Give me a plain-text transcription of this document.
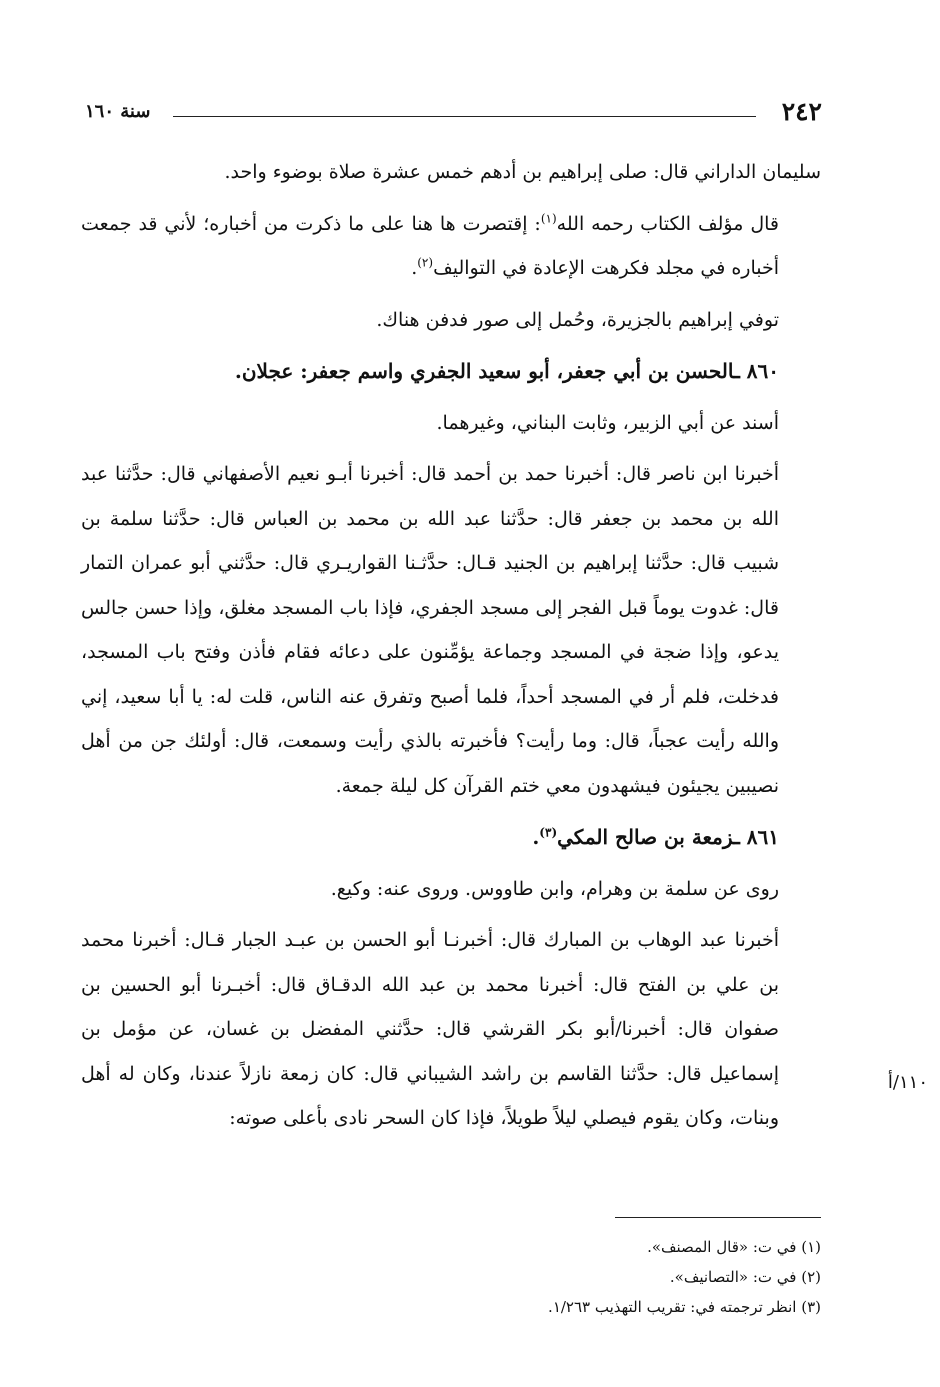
٢٤٢
سنة ١٦٠
١١٠/أ

سليمان الداراني قال: صلى إبراهيم بن أدهم خمس عشرة صلاة بوضوء واحد.

قال مؤلف الكتاب رحمه الله$^{(١)}$: إقتصرت ها هنا على ما ذكرت من أخباره؛ لأني قد جمعت أخباره في مجلد فكرهت الإعادة في التواليف$^{(٢)}$.

توفي إبراهيم بالجزيرة، وحُمل إلى صور فدفن هناك.

٨٦٠ ـالحسن بن أبي جعفر، أبو سعيد الجفري واسم جعفر: عجلان.

أسند عن أبي الزبير، وثابت البناني، وغيرهما.

أخبرنا ابن ناصر قال: أخبرنا حمد بن أحمد قال: أخبرنا أبـو نعيم الأصفهاني قال: حدَّثنا عبد الله بن محمد بن جعفر قال: حدَّثنا عبد الله بن محمد بن العباس قال: حدَّثنا سلمة بن شبيب قال: حدَّثنا إبراهيم بن الجنيد قـال: حدَّثـنا القواريـري قال: حدَّثني أبو عمران التمار قال: غدوت يوماً قبل الفجر إلى مسجد الجفري، فإذا باب المسجد مغلق، وإذا حسن جالس يدعو، وإذا ضجة في المسجد وجماعة يؤمِّنون على دعائه فقام فأذن وفتح باب المسجد، فدخلت، فلم أر في المسجد أحداً، فلما أصبح وتفرق عنه الناس، قلت له: يا أبا سعيد، إني والله رأيت عجباً، قال: وما رأيت؟ فأخبرته بالذي رأيت وسمعت، قال: أولئك جن من أهل نصيبين يجيئون فيشهدون معي ختم القرآن كل ليلة جمعة.

٨٦١ ـزمعة بن صالح المكي$^{(٣)}$.

روى عن سلمة بن وهرام، وابن طاووس. وروى عنه: وكيع.

أخبرنا عبد الوهاب بن المبارك قال: أخبرنـا أبو الحسن بن عبـد الجبار قـال: أخبرنا محمد بن علي بن الفتح قال: أخبرنا محمد بن عبد الله الدقـاق قال: أخبـرنا أبو الحسين بن صفوان قال: أخبرنا/أبو بكر القرشي قال: حدَّثني المفضل بن غسان، عن مؤمل بن إسماعيل قال: حدَّثنا القاسم بن راشد الشيباني قال: كان زمعة نازلاً عندنا، وكان له أهل وبنات، وكان يقوم فيصلي ليلاً طويلاً، فإذا كان السحر نادى بأعلى صوته:

(١) في ت: «قال المصنف».

(٢) في ت: «التصانيف».

(٣) انظر ترجمته في: تقريب التهذيب ١/٢٦٣.
